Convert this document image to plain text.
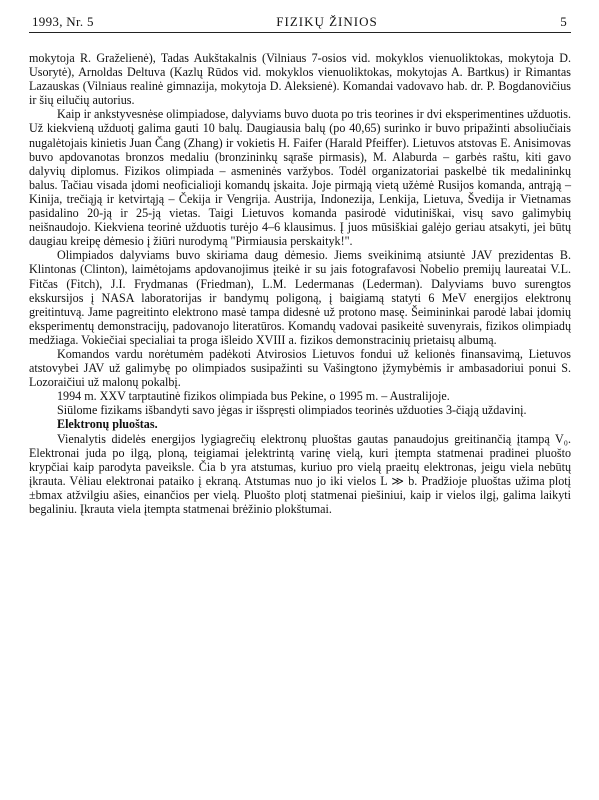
1993, Nr. 5	FIZIKŲ ŽINIOS	5

mokytoja R. Graželienė), Tadas Aukštakalnis (Vilniaus 7-osios vid. mokyklos vienuoliktokas, mokytoja D. Usorytė), Arnoldas Deltuva (Kazlų Rūdos vid. mokyklos vienuoliktokas, mokytojas A. Bartkus) ir Rimantas Lazauskas (Vilniaus realinė gimnazija, mokytoja D. Aleksienė). Komandai vadovavo hab. dr. P. Bogdanovičius ir šių eilučių autorius.

Kaip ir ankstyvesnėse olimpiadose, dalyviams buvo duota po tris teorines ir dvi eksperimentines užduotis. Už kiekvieną užduotį galima gauti 10 balų. Daugiausia balų (po 40,65) surinko ir buvo pripažinti absoliučiais nugalėtojais kinietis Juan Čang (Zhang) ir vokietis H. Faifer (Harald Pfeiffer). Lietuvos atstovas E. Anisimovas buvo apdovanotas bronzos medaliu (bronzininkų sąraše pirmasis), M. Alaburda – garbės raštu, kiti gavo dalyvių diplomus. Fizikos olimpiada – asmeninės varžybos. Todėl organizatoriai paskelbė tik medalininkų balus. Tačiau visada įdomi neoficialioji komandų įskaita. Joje pirmąją vietą užėmė Rusijos komanda, antrąją – Kinija, trečiąją ir ketvirtąją – Čekija ir Vengrija. Austrija, Indonezija, Lenkija, Lietuva, Švedija ir Vietnamas pasidalino 20-ją ir 25-ją vietas. Taigi Lietuvos komanda pasirodė vidutiniškai, visų savo galimybių neišnaudojo. Kiekviena teorinė užduotis turėjo 4–6 klausimus. Į juos mūsiškiai galėjo geriau atsakyti, jei būtų daugiau kreipę dėmesio į žiūri nurodymą "Pirmiausia perskaityk!".

Olimpiados dalyviams buvo skiriama daug dėmesio. Jiems sveikinimą atsiuntė JAV prezidentas B. Klintonas (Clinton), laimėtojams apdovanojimus įteikė ir su jais fotografavosi Nobelio premijų laureatai V.L. Fitčas (Fitch), J.I. Frydmanas (Friedman), L.M. Ledermanas (Lederman). Dalyviams buvo surengtos ekskursijos į NASA laboratorijas ir bandymų poligoną, į baigiamą statyti 6 MeV energijos elektronų greitintuvą. Jame pagreitinto elektrono masė tampa didesnė už protono masę. Šeimininkai parodė labai įdomių eksperimentų demonstracijų, padovanojo literatūros. Komandų vadovai pasikeitė suvenyrais, fizikos olimpiadų medžiaga. Vokiečiai specialiai ta proga išleido XVIII a. fizikos demonstracinių prietaisų albumą.

Komandos vardu norėtumėm padėkoti Atvirosios Lietuvos fondui už kelionės finansavimą, Lietuvos atstovybei JAV už galimybę po olimpiados susipažinti su Vašingtono įžymybėmis ir ambasadoriui ponui S. Lozoraičiui už malonų pokalbį.

1994 m. XXV tarptautinė fizikos olimpiada bus Pekine, o 1995 m. – Australijoje.

Siūlome fizikams išbandyti savo jėgas ir išspręsti olimpiados teorinės užduoties 3-čiąją uždavinį.

Elektronų pluoštas.

Vienalytis didelės energijos lygiagrečių elektronų pluoštas gautas panaudojus greitinančią įtampą V₀. Elektronai juda po ilgą, ploną, teigiamai įelektrintą varinę vielą, kuri įtempta statmenai pradinei pluošto krypčiai kaip parodyta paveiksle. Čia b yra atstumas, kuriuo pro vielą praeitų elektronas, jeigu viela nebūtų įkrauta. Vėliau elektronai pataiko į ekraną. Atstumas nuo jo iki vielos L ≫ b. Pradžioje pluoštas užima plotį ±bmax atžvilgiu ašies, einančios per vielą. Pluošto plotį statmenai piešiniui, kaip ir vielos ilgį, galima laikyti begaliniu. Įkrauta viela įtempta statmenai brėžinio plokštumai.
